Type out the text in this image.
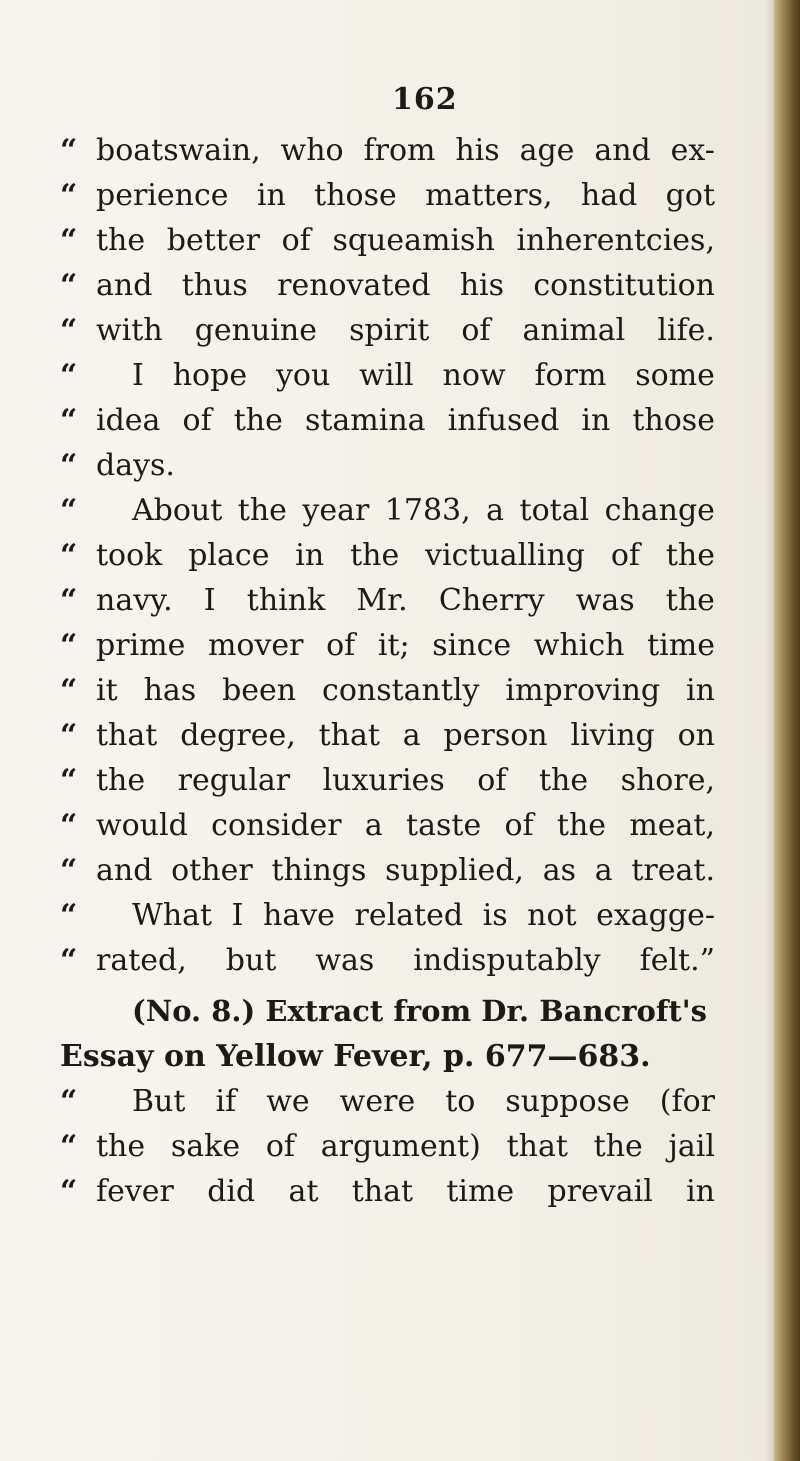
162
“ boatswain, who from his age and ex-
“ perience in those matters, had got
“ the better of squeamish inherentcies,
“ and thus renovated his constitution
“ with genuine spirit of animal life.
“	I hope you will now form some
“ idea of the stamina infused in those
“ days.
“	About the year 1783, a total change
“ took place in the victualling of the
“ navy. I think Mr. Cherry was the
“ prime mover of it; since which time
“ it has been constantly improving in
“ that degree, that a person living on
“ the regular luxuries of the shore,
“ would consider a taste of the meat,
“ and other things supplied, as a treat.
“	What I have related is not exagge-
“ rated, but was indisputably felt.”
(No. 8.) Extract from Dr. Bancroft's
Essay on Yellow Fever, p. 677—683.
“	But if we were to suppose (for
“ the sake of argument) that the jail
“ fever did at that time prevail in
